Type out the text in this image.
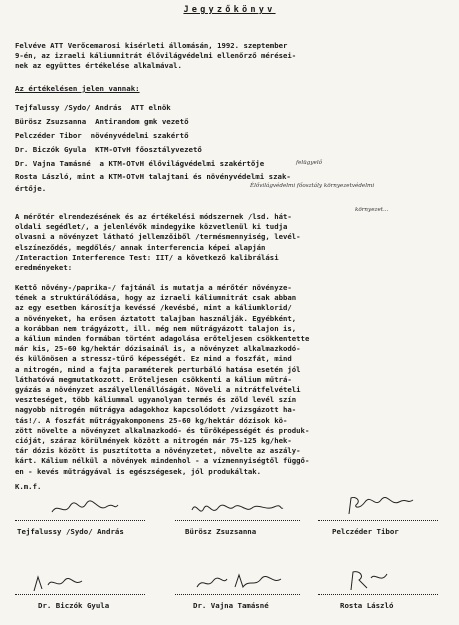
Jegyzőkönyv
Felvéve ATT Verőcemarosi kisérleti állomásán, 1992. szeptember
9-én, az izraeli káliumnitrát élővilágvédelmi ellenőrző mérései-
nek az együttes értékelése alkalmával.
Az értékelésen jelen vannak:
Tejfalussy /Sydo/ András  ATT elnök
Bürösz Zsuzsanna  Antirandom gmk vezető
Pelczéder Tibor  növényvédelmi szakértő
Dr. Biczók Gyula  KTM-OTvH főosztályvezető
Dr. Vajna Tamásné  a KTM-OTvH élővilágvédelmi szakértője
Rosta László, mint a KTM-OTvH talajtani és növényvédelmi szak-
értője.
felügyelő
Élővilágvédelmi főosztály környezetvédelmi
környezet...
A mérőtér elrendezésének és az értékelési módszernek /lsd. hát-
oldali segédlet/, a jelenlévők mindegyike közvetlenül ki tudja
olvasni a növényzet látható jellemzőiből /termésmennyiség, levél-
elszíneződés, megdőlés/ annak interferencia képei alapján
/Interaction Interference Test: IIT/ a következő kalibrálási
eredményeket:
Kettő növény-/paprika-/ fajtánál is mutatja a mérőtér növényze-
tének a struktúrálódása, hogy az izraeli káliumnitrát csak abban
az egy esetben károsítja kevéssé /kevésbé, mint a káliumklorid/
a növényeket, ha erősen áztatott talajban használják. Egyébként,
a korábban nem trágyázott, ill. még nem műtrágyázott talajon is,
a kálium minden formában történt adagolása erőteljesen csökkentette
már kis, 25-60 kg/hektár dózisainál is, a növényzet alkalmazkodó-
és különösen a stressz-tűrő képességét. Ez mind a foszfát, mind
a nitrogén, mind a fajta paraméterek perturbáló hatása esetén jól
láthatóvá megmutatkozott. Erőteljesen csökkenti a kálium műtrá-
gyázás a növényzet aszályellenállóságát. Növeli a nitrátfelvételi
veszteséget, több káliummal ugyanolyan termés és zöld levél szín
nagyobb nitrogén műtrágya adagokhoz kapcsolódott /vizsgázott ha-
tás!/. A foszfát műtrágyakomponens 25-60 kg/hektár dózisok kö-
zött növelte a növényzet alkalmazkodó- és tűrőképességét és produk-
cióját, száraz körülmények között a nitrogén már 75-125 kg/hek-
tár dózis között is pusztította a növényzetet, növelte az aszály-
kárt. Kálium nélkül a növények mindenhol - a vízmennyiségtől függő-
en - kevés műtrágyával is egészségesek, jól produkáltak.
K.m.f.
Tejfalussy /Sydo/ András	Bürösz Zsuzsanna	Pelczéder Tibor
Dr. Biczók Gyula	Dr. Vajna Tamásné	Rosta László
